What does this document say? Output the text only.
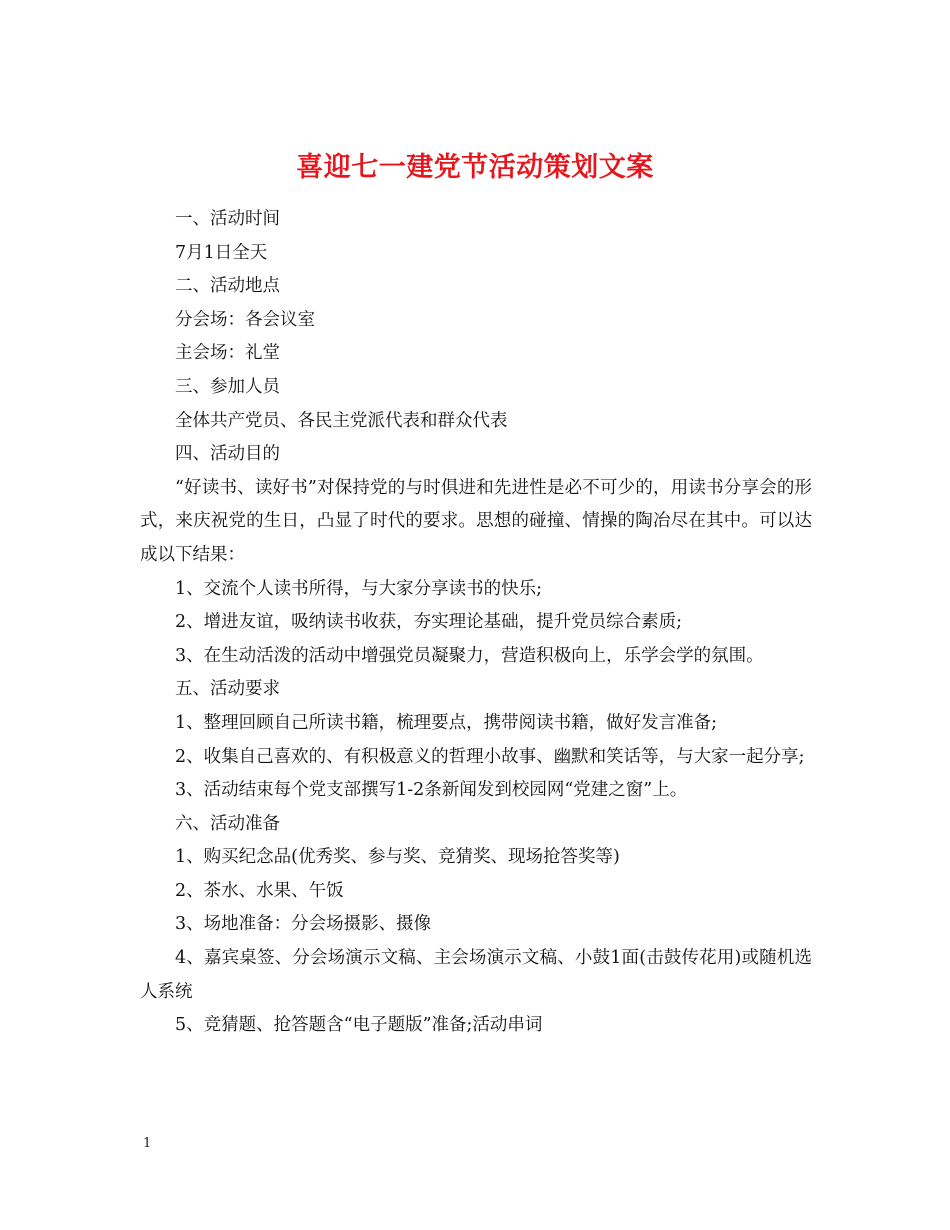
喜迎七一建党节活动策划文案

一、活动时间

7月1日全天

二、活动地点

分会场：各会议室

主会场：礼堂

三、参加人员

全体共产党员、各民主党派代表和群众代表

四、活动目的

“好读书、读好书”对保持党的与时俱进和先进性是必不可少的，用读书分享会的形式，来庆祝党的生日，凸显了时代的要求。思想的碰撞、情操的陶冶尽在其中。可以达成以下结果：

1、交流个人读书所得，与大家分享读书的快乐;

2、增进友谊，吸纳读书收获，夯实理论基础，提升党员综合素质;

3、在生动活泼的活动中增强党员凝聚力，营造积极向上，乐学会学的氛围。

五、活动要求

1、整理回顾自己所读书籍，梳理要点，携带阅读书籍，做好发言准备;

2、收集自己喜欢的、有积极意义的哲理小故事、幽默和笑话等，与大家一起分享;

3、活动结束每个党支部撰写1-2条新闻发到校园网“党建之窗”上。

六、活动准备

1、购买纪念品(优秀奖、参与奖、竞猜奖、现场抢答奖等)

2、茶水、水果、午饭

3、场地准备：分会场摄影、摄像

4、嘉宾桌签、分会场演示文稿、主会场演示文稿、小鼓1面(击鼓传花用)或随机选人系统

5、竞猜题、抢答题含“电子题版”准备;活动串词

1
